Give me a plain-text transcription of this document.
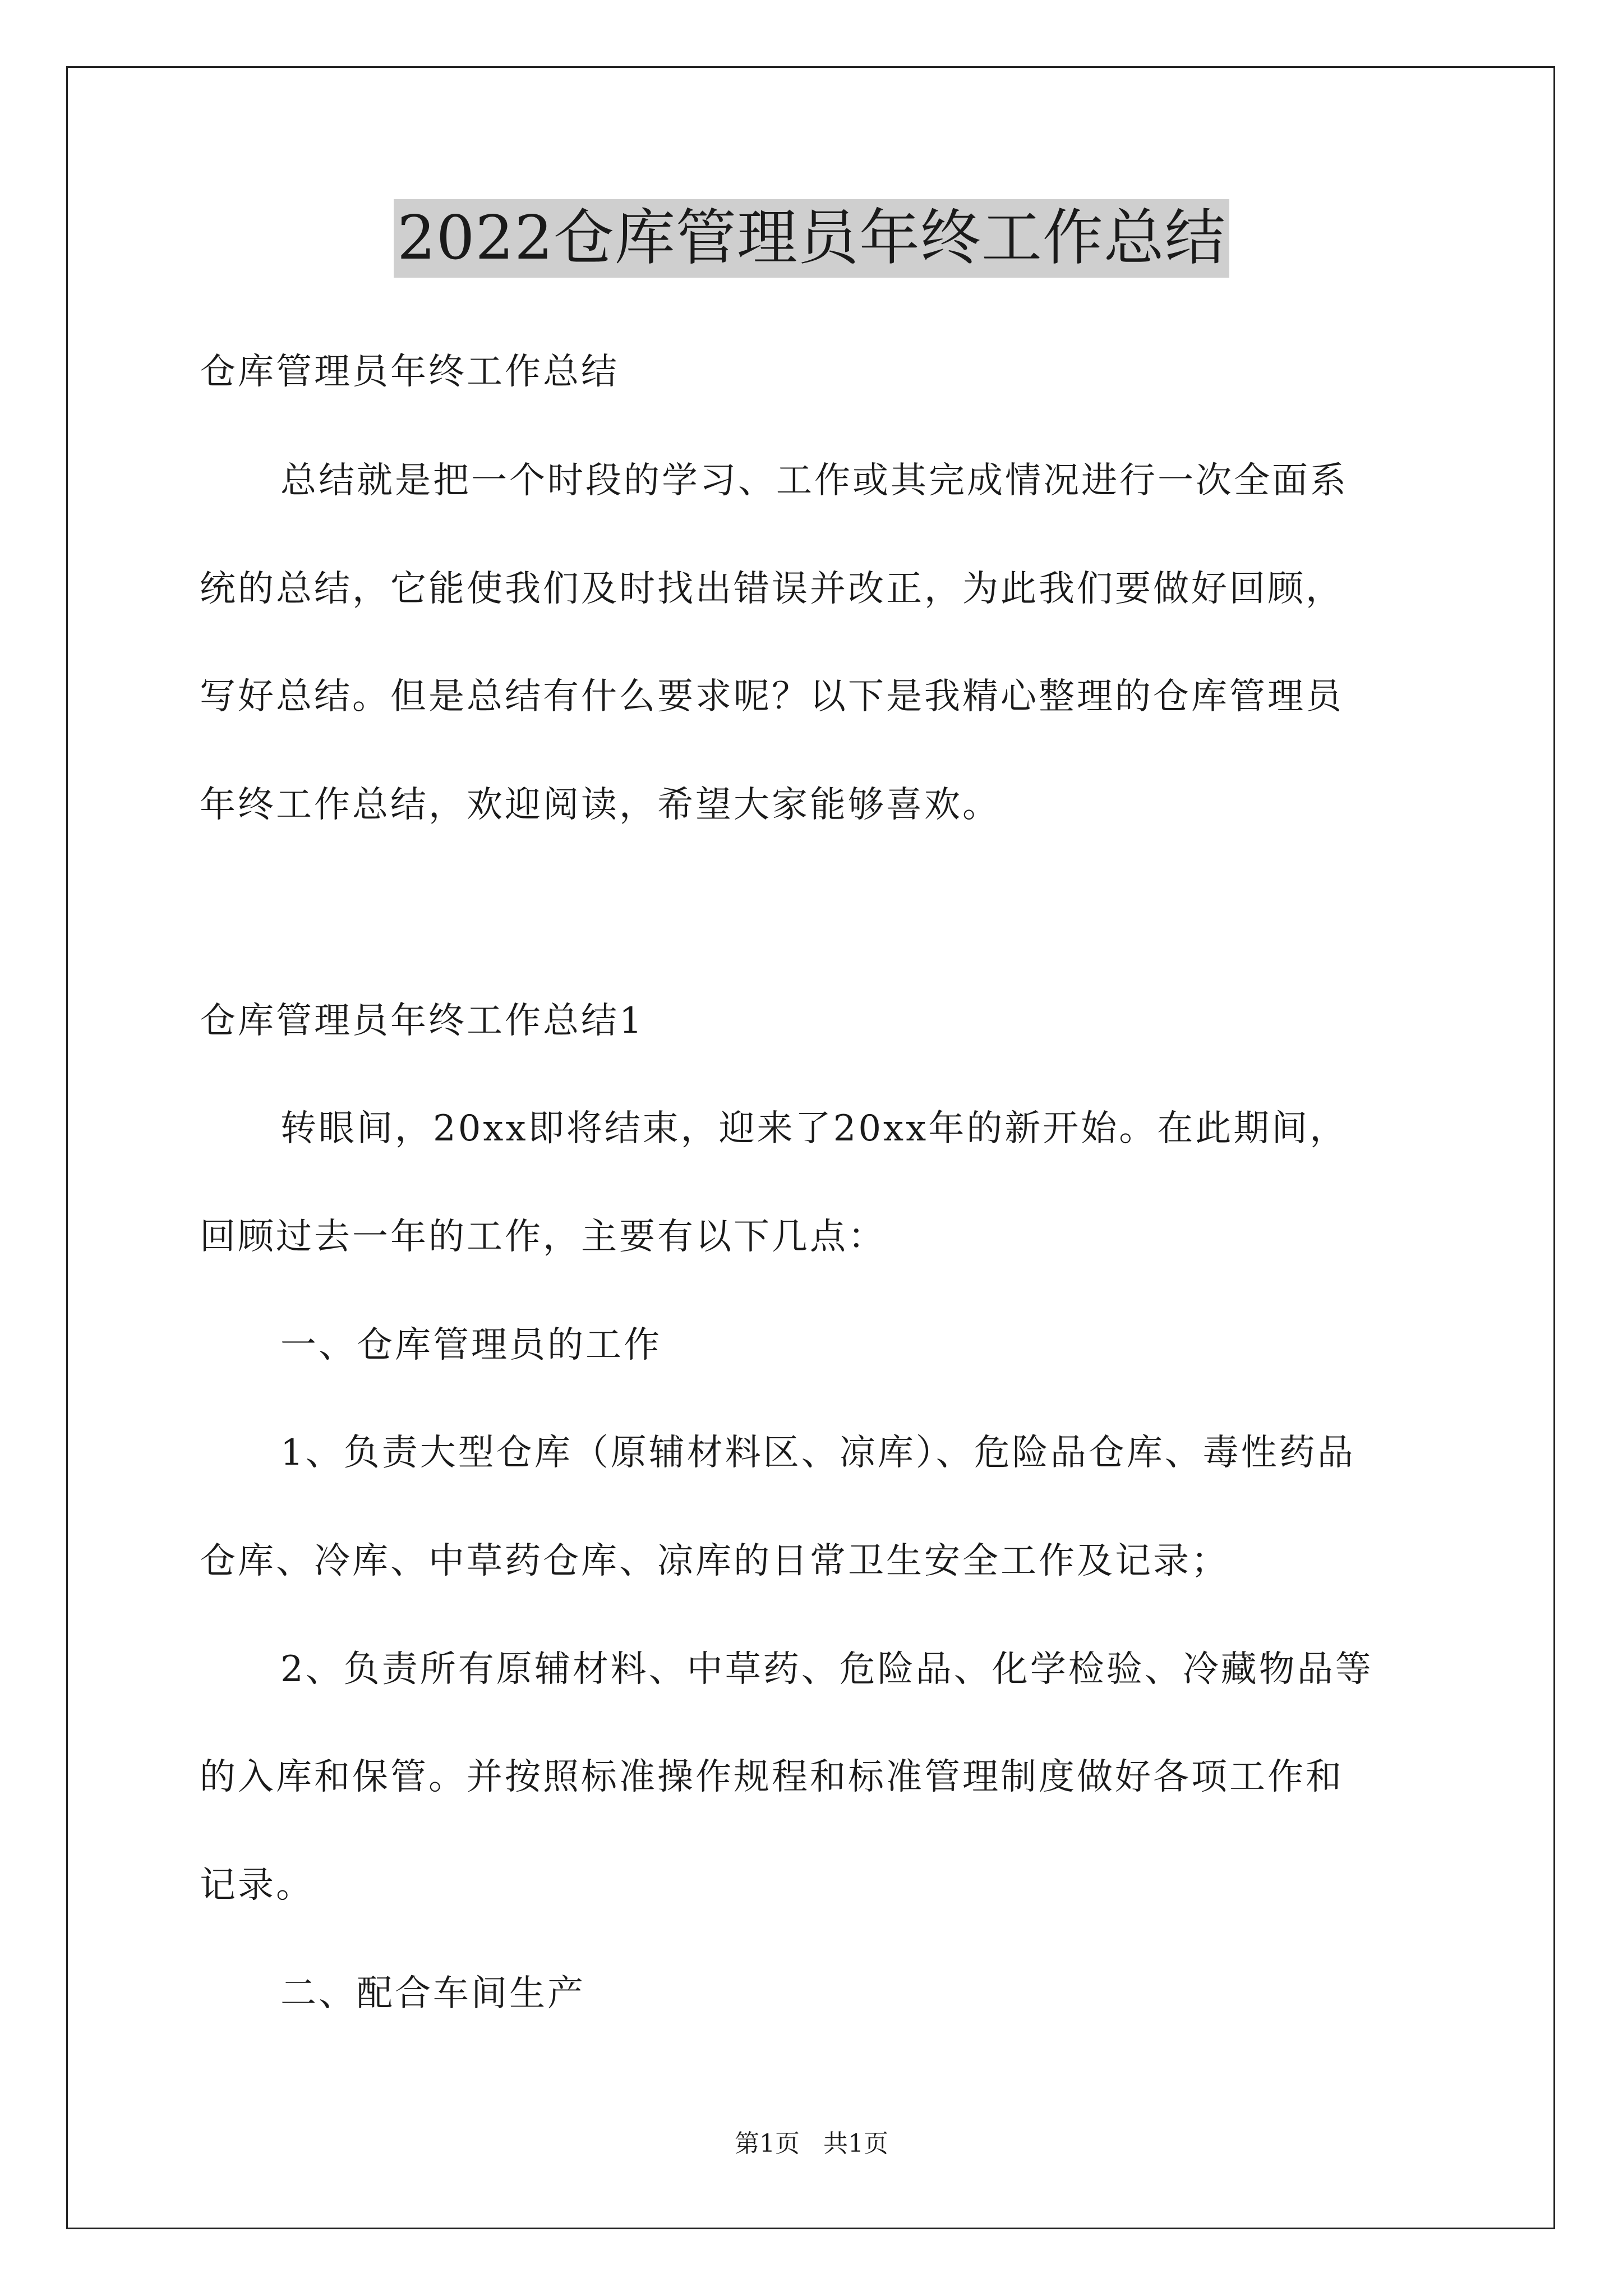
2022仓库管理员年终工作总结

仓库管理员年终工作总结

总结就是把一个时段的学习、工作或其完成情况进行一次全面系

统的总结，它能使我们及时找出错误并改正，为此我们要做好回顾，

写好总结。但是总结有什么要求呢？以下是我精心整理的仓库管理员

年终工作总结，欢迎阅读，希望大家能够喜欢。

仓库管理员年终工作总结1

转眼间，20xx即将结束，迎来了20xx年的新开始。在此期间，

回顾过去一年的工作，主要有以下几点：

一、仓库管理员的工作

1、负责大型仓库（原辅材料区、凉库）、危险品仓库、毒性药品

仓库、冷库、中草药仓库、凉库的日常卫生安全工作及记录；

2、负责所有原辅材料、中草药、危险品、化学检验、冷藏物品等

的入库和保管。并按照标准操作规程和标准管理制度做好各项工作和

记录。

二、配合车间生产

第1页   共1页
